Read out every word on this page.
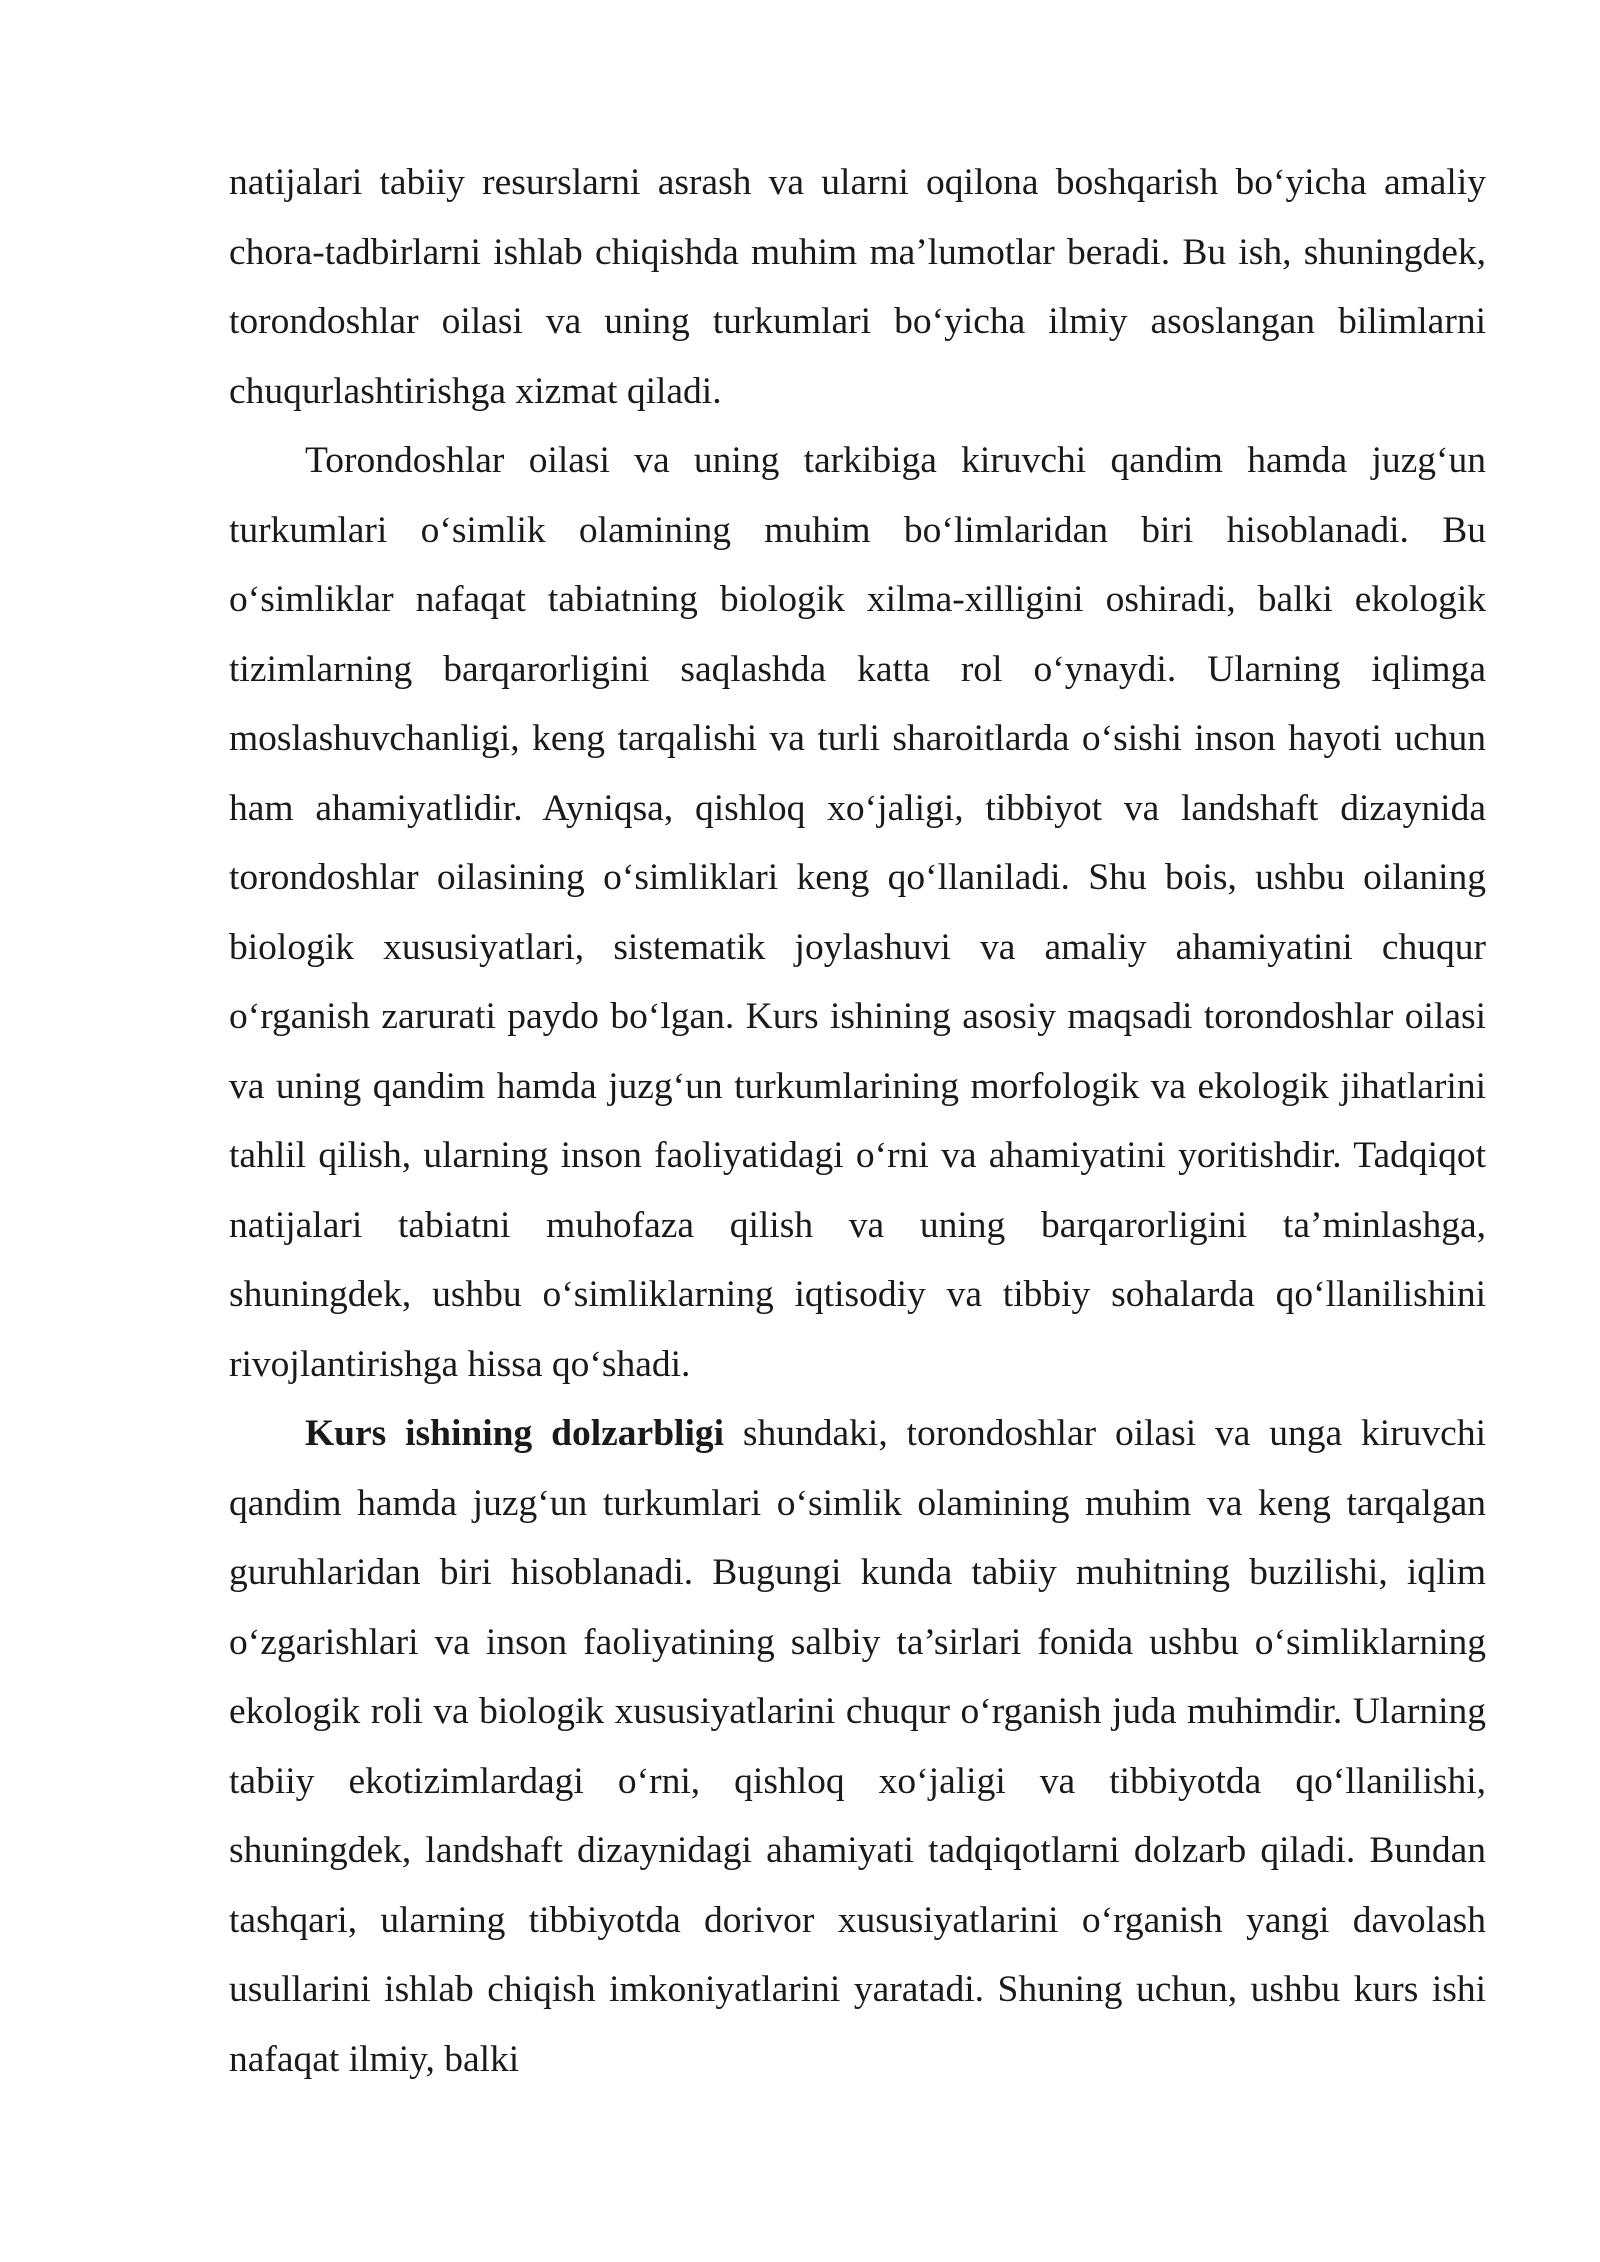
natijalari tabiiy resurslarni asrash va ularni oqilona boshqarish bo‘yicha amaliy chora-tadbirlarni ishlab chiqishda muhim ma’lumotlar beradi. Bu ish, shuningdek, torondoshlar oilasi va uning turkumlari bo‘yicha ilmiy asoslangan bilimlarni chuqurlashtirishga xizmat qiladi.

Torondoshlar oilasi va uning tarkibiga kiruvchi qandim hamda juzg‘un turkumlari o‘simlik olamining muhim bo‘limlaridan biri hisoblanadi. Bu o‘simliklar nafaqat tabiatning biologik xilma-xilligini oshiradi, balki ekologik tizimlarning barqarorligini saqlashda katta rol o‘ynaydi. Ularning iqlimga moslashuvchanligi, keng tarqalishi va turli sharoitlarda o‘sishi inson hayoti uchun ham ahamiyatlidir. Ayniqsa, qishloq xo‘jaligi, tibbiyot va landshaft dizaynida torondoshlar oilasining o‘simliklari keng qo‘llaniladi. Shu bois, ushbu oilaning biologik xususiyatlari, sistematik joylashuvi va amaliy ahamiyatini chuqur o‘rganish zarurati paydo bo‘lgan. Kurs ishining asosiy maqsadi torondoshlar oilasi va uning qandim hamda juzg‘un turkumlarining morfologik va ekologik jihatlarini tahlil qilish, ularning inson faoliyatidagi o‘rni va ahamiyatini yoritishdir. Tadqiqot natijalari tabiatni muhofaza qilish va uning barqarorligini ta’minlashga, shuningdek, ushbu o‘simliklarning iqtisodiy va tibbiy sohalarda qo‘llanilishini rivojlantirishga hissa qo‘shadi.

Kurs ishining dolzarbligi shundaki, torondoshlar oilasi va unga kiruvchi qandim hamda juzg‘un turkumlari o‘simlik olamining muhim va keng tarqalgan guruhlaridan biri hisoblanadi. Bugungi kunda tabiiy muhitning buzilishi, iqlim o‘zgarishlari va inson faoliyatining salbiy ta’sirlari fonida ushbu o‘simliklarning ekologik roli va biologik xususiyatlarini chuqur o‘rganish juda muhimdir. Ularning tabiiy ekotizimlardagi o‘rni, qishloq xo‘jaligi va tibbiyotda qo‘llanilishi, shuningdek, landshaft dizaynidagi ahamiyati tadqiqotlarni dolzarb qiladi. Bundan tashqari, ularning tibbiyotda dorivor xususiyatlarini o‘rganish yangi davolash usullarini ishlab chiqish imkoniyatlarini yaratadi. Shuning uchun, ushbu kurs ishi nafaqat ilmiy, balki
